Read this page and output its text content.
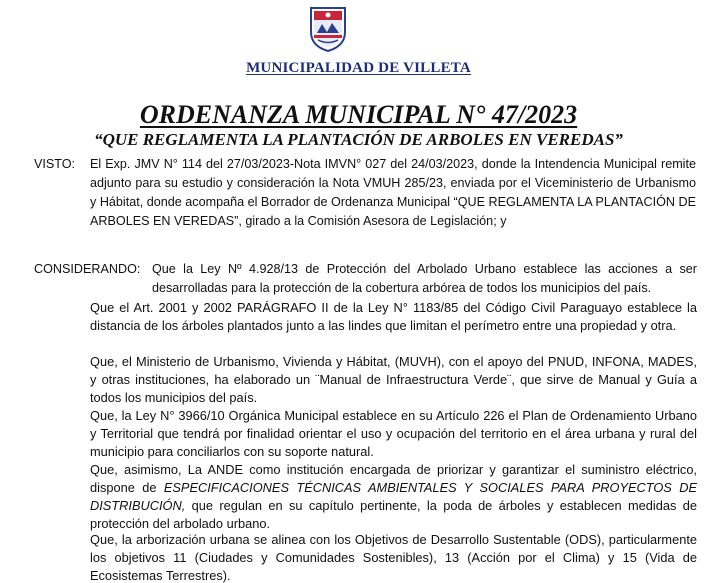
MUNICIPALIDAD DE VILLETA
ORDENANZA MUNICIPAL N° 47/2023
“QUE REGLAMENTA LA PLANTACIÓN DE ARBOLES EN VEREDAS”
VISTO: El Exp. JMV N° 114 del 27/03/2023-Nota IMVN° 027 del 24/03/2023, donde la Intendencia Municipal remite adjunto para su estudio y consideración la Nota VMUH 285/23, enviada por el Viceministerio de Urbanismo y Hábitat, donde acompaña el Borrador de Ordenanza Municipal “QUE REGLAMENTA LA PLANTACIÓN DE ARBOLES EN VEREDAS”, girado a la Comisión Asesora de Legislación; y
CONSIDERANDO: Que la Ley Nº 4.928/13 de Protección del Arbolado Urbano establece las acciones a ser desarrolladas para la protección de la cobertura arbórea de todos los municipios del país.
Que el Art. 2001 y 2002 PARÁGRAFO II de la Ley N° 1183/85 del Código Civil Paraguayo establece la distancia de los árboles plantados junto a las lindes que limitan el perímetro entre una propiedad y otra.
Que, el Ministerio de Urbanismo, Vivienda y Hábitat, (MUVH), con el apoyo del PNUD, INFONA, MADES, y otras instituciones, ha elaborado un ¨Manual de Infraestructura Verde¨, que sirve de Manual y Guía a todos los municipios del país.
Que, la Ley N° 3966/10 Orgánica Municipal establece en su Artículo 226 el Plan de Ordenamiento Urbano y Territorial que tendrá por finalidad orientar el uso y ocupación del territorio en el área urbana y rural del municipio para conciliarlos con su soporte natural.
Que, asimismo, La ANDE como institución encargada de priorizar y garantizar el suministro eléctrico, dispone de ESPECIFICACIONES TÉCNICAS AMBIENTALES Y SOCIALES PARA PROYECTOS DE DISTRIBUCIÓN, que regulan en su capítulo pertinente, la poda de árboles y establecen medidas de protección del arbolado urbano.
Que, la arborización urbana se alinea con los Objetivos de Desarrollo Sustentable (ODS), particularmente los objetivos 11 (Ciudades y Comunidades Sostenibles), 13 (Acción por el Clima) y 15 (Vida de Ecosistemas Terrestres).
